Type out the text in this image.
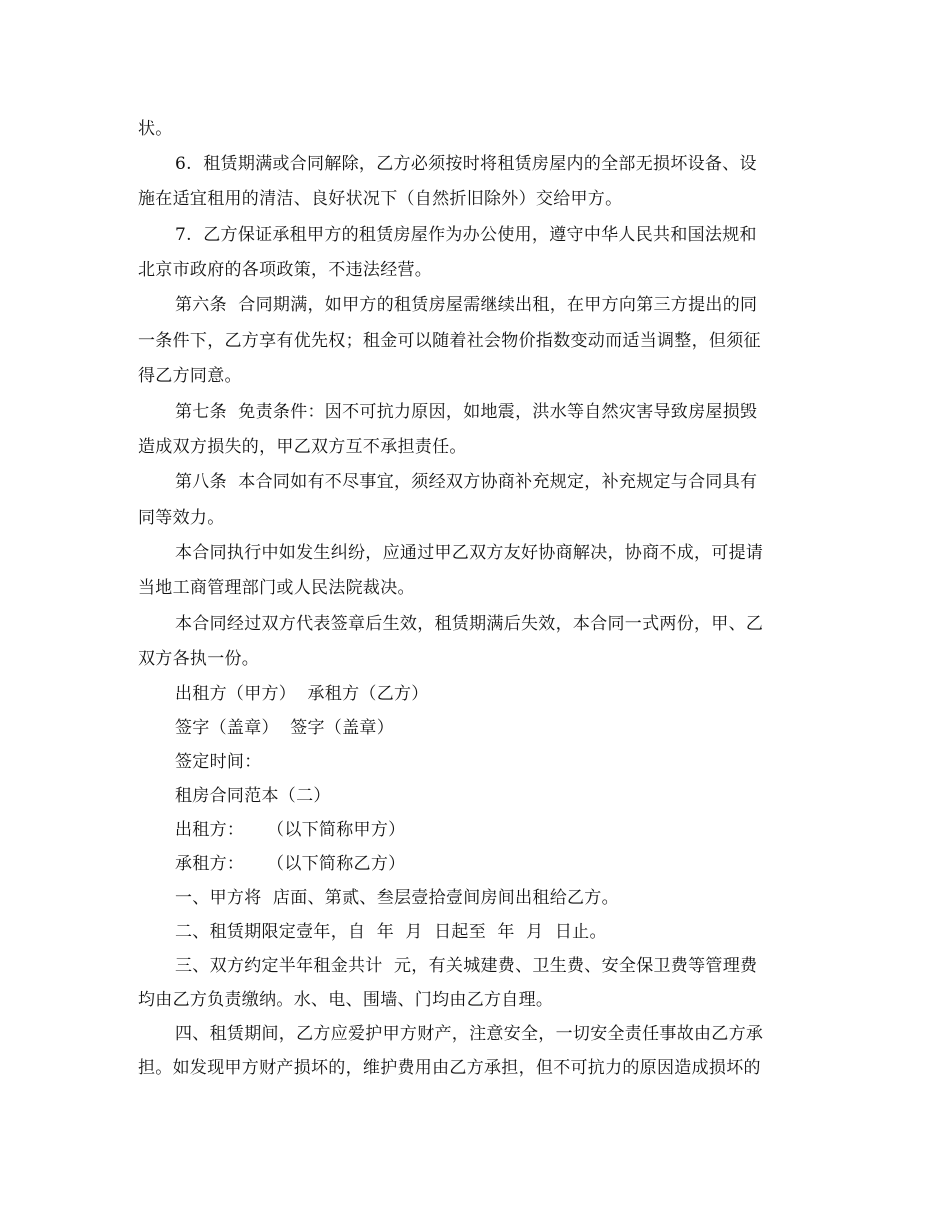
状。
6.  租赁期满或合同解除，乙方必须按时将租赁房屋内的全部无损坏设备、设
施在适宜租用的清洁、良好状况下（自然折旧除外）交给甲方。
7.  乙方保证承租甲方的租赁房屋作为办公使用，遵守中华人民共和国法规和
北京市政府的各项政策，不违法经营。
第六条  合同期满，如甲方的租赁房屋需继续出租，在甲方向第三方提出的同
一条件下，乙方享有优先权；租金可以随着社会物价指数变动而适当调整，但须征
得乙方同意。
第七条  免责条件：因不可抗力原因，如地震，洪水等自然灾害导致房屋损毁
造成双方损失的，甲乙双方互不承担责任。
第八条  本合同如有不尽事宜，须经双方协商补充规定，补充规定与合同具有
同等效力。
本合同执行中如发生纠纷，应通过甲乙双方友好协商解决，协商不成，可提请
当地工商管理部门或人民法院裁决。
本合同经过双方代表签章后生效，租赁期满后失效，本合同一式两份，甲、乙
双方各执一份。
出租方（甲方）  承租方（乙方）
签字（盖章）  签字（盖章）
签定时间：
租房合同范本（二）
出租方：    （以下简称甲方）
承租方：    （以下简称乙方）
一、甲方将  店面、第贰、叁层壹拾壹间房间出租给乙方。
二、租赁期限定壹年，自  年  月  日起至  年  月  日止。
三、双方约定半年租金共计  元，有关城建费、卫生费、安全保卫费等管理费
均由乙方负责缴纳。水、电、围墙、门均由乙方自理。
四、租赁期间，乙方应爱护甲方财产，注意安全，一切安全责任事故由乙方承
担。如发现甲方财产损坏的，维护费用由乙方承担，但不可抗力的原因造成损坏的
